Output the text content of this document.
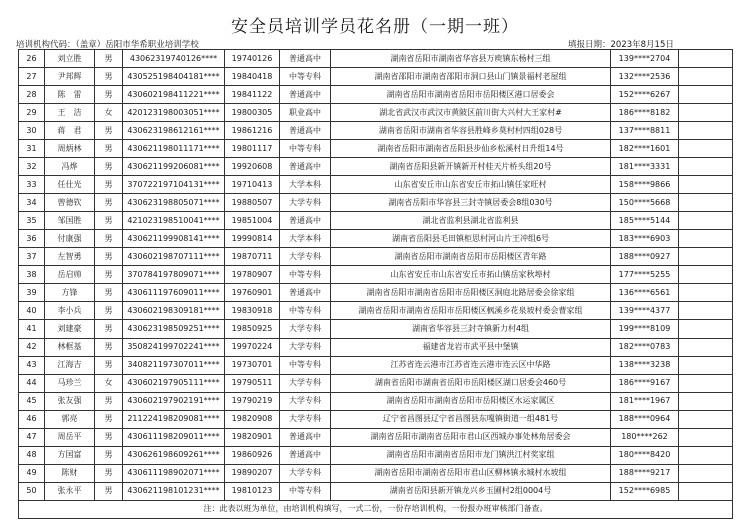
安全员培训学员花名册（一期一班）
培训机构代码：（盖章）岳阳市华希职业培训学校	填报日期：2023年8月15日
26	刘立胜	男	430623197401​26****	19740126	普通高中	湖南省岳阳市湖南省华容县万庾镇东杨村三组	139****2704	
27	尹邦辉	男	430525198404181****	19840418	中等专科	湖南省邵阳市湖南省邵阳市洞口县山门镇景福村老屋组	132****2536	
28	陈　雷	男	430602198411221****	19841122	普通高中	湖南省岳阳市湖南省岳阳市岳阳楼区港口居委会	152****6267	
29	王　洁	女	420123198003051****	19800305	职业高中	湖北省武汉市武汉市黄陂区前川街大兴村大王家村#	186****8182	
30	蒋　君	男	430623198612161****	19861216	普通高中	湖南省岳阳市湖南省华容县胜峰乡莫村村四组028号	137****8811	
31	周炳林	男	430621198011171****	19801117	中等专科	湖南省岳阳市湖南省岳阳县步仙乡松溪村日升组14号	182****1601	
32	冯烨	男	430621199206081****	19920608	普通高中	湖南省岳阳县新开镇新开村桂天片桥头组20号	181****3331	
33	任仕光	男	370722197104131****	19710413	大学本科	山东省安丘市山东省安丘市拓山镇任家旺村	158****9866	
34	曾德钦	男	430623198805071****	19880507	大学专科	湖南省岳阳市华容县三封寺镇居委会8组030号	150****5668	
35	邹国胜	男	421023198510041****	19851004	普通高中	湖北省监利县湖北省监利县	185****5144	
36	付康强	男	430621199908141****	19990814	大学本科	湖南省岳阳县毛田镇柜思村河山片王冲组6号	183****6903	
37	左智勇	男	430602198707111****	19870711	大学专科	湖南省岳阳市湖南省岳阳市岳阳楼区青年路	188****0927	
38	岳启帅	男	370784197809071****	19780907	中等专科	山东省安丘市山东省安丘市拓山镇岳家秋埠村	177****5255	
39	方锋	男	430611197609011****	19760901	普通高中	湖南省岳阳市湖南省岳阳市岳阳楼区洞庭北路居委会徐家组	136****6561	
40	李小兵	男	430602198309181****	19830918	中等专科	湖南省岳阳市湖南省岳阳市岳阳楼区枫溪乡花泉坡村委会曹家组	139****4377	
41	刘建豪	男	430623198509251****	19850925	大学专科	湖南省华容县三封寺镇新力村4组	199****8109	
42	林框基	男	350824199702241****	19970224	大学专科	福建省龙岩市武平县中堡镇	182****0783	
43	江海吉	男	340821197307011****	19730701	中等专科	江苏省连云港市江苏省连云港市连云区中华路	138****3238	
44	马珍兰	女	430602197905111****	19790511	大学专科	湖南省岳阳市湖南省岳阳市岳阳楼区湖口居委会460号	186****9167	
45	张友强	男	430602197902191****	19790219	大学专科	湖南省岳阳市湖南省岳阳市岳阳楼区水运家属区	181****1967	
46	郭亮	男	211224198209081****	19820908	大学专科	辽宁省昌图县辽宁省昌图县东嘎镇街道一组481号	188****0964	
47	周岳平	男	430611198209011****	19820901	普通高中	湖南省岳阳市湖南省岳阳市君山区西城办事处林角居委会	180****262	
48	方国富	男	430626198609261****	19860926	普通高中	湖南省岳阳市湖南省岳阳市龙门镇洪江村奖家组	180****8420	
49	陈财	男	430611198902071****	19890207	大学专科	湖南省岳阳市湖南省岳阳市君山区柳林镇永城村水坡组	188****9217	
50	张永平	男	430621198101231****	19810123	中等专科	湖南省岳阳县新开镇龙兴乡玉圃村2组0004号	152****6985	
注：此表以班为单位，由培训机构填写，一式二份，一份存培训机构，一份报办班审核部门备查。								
